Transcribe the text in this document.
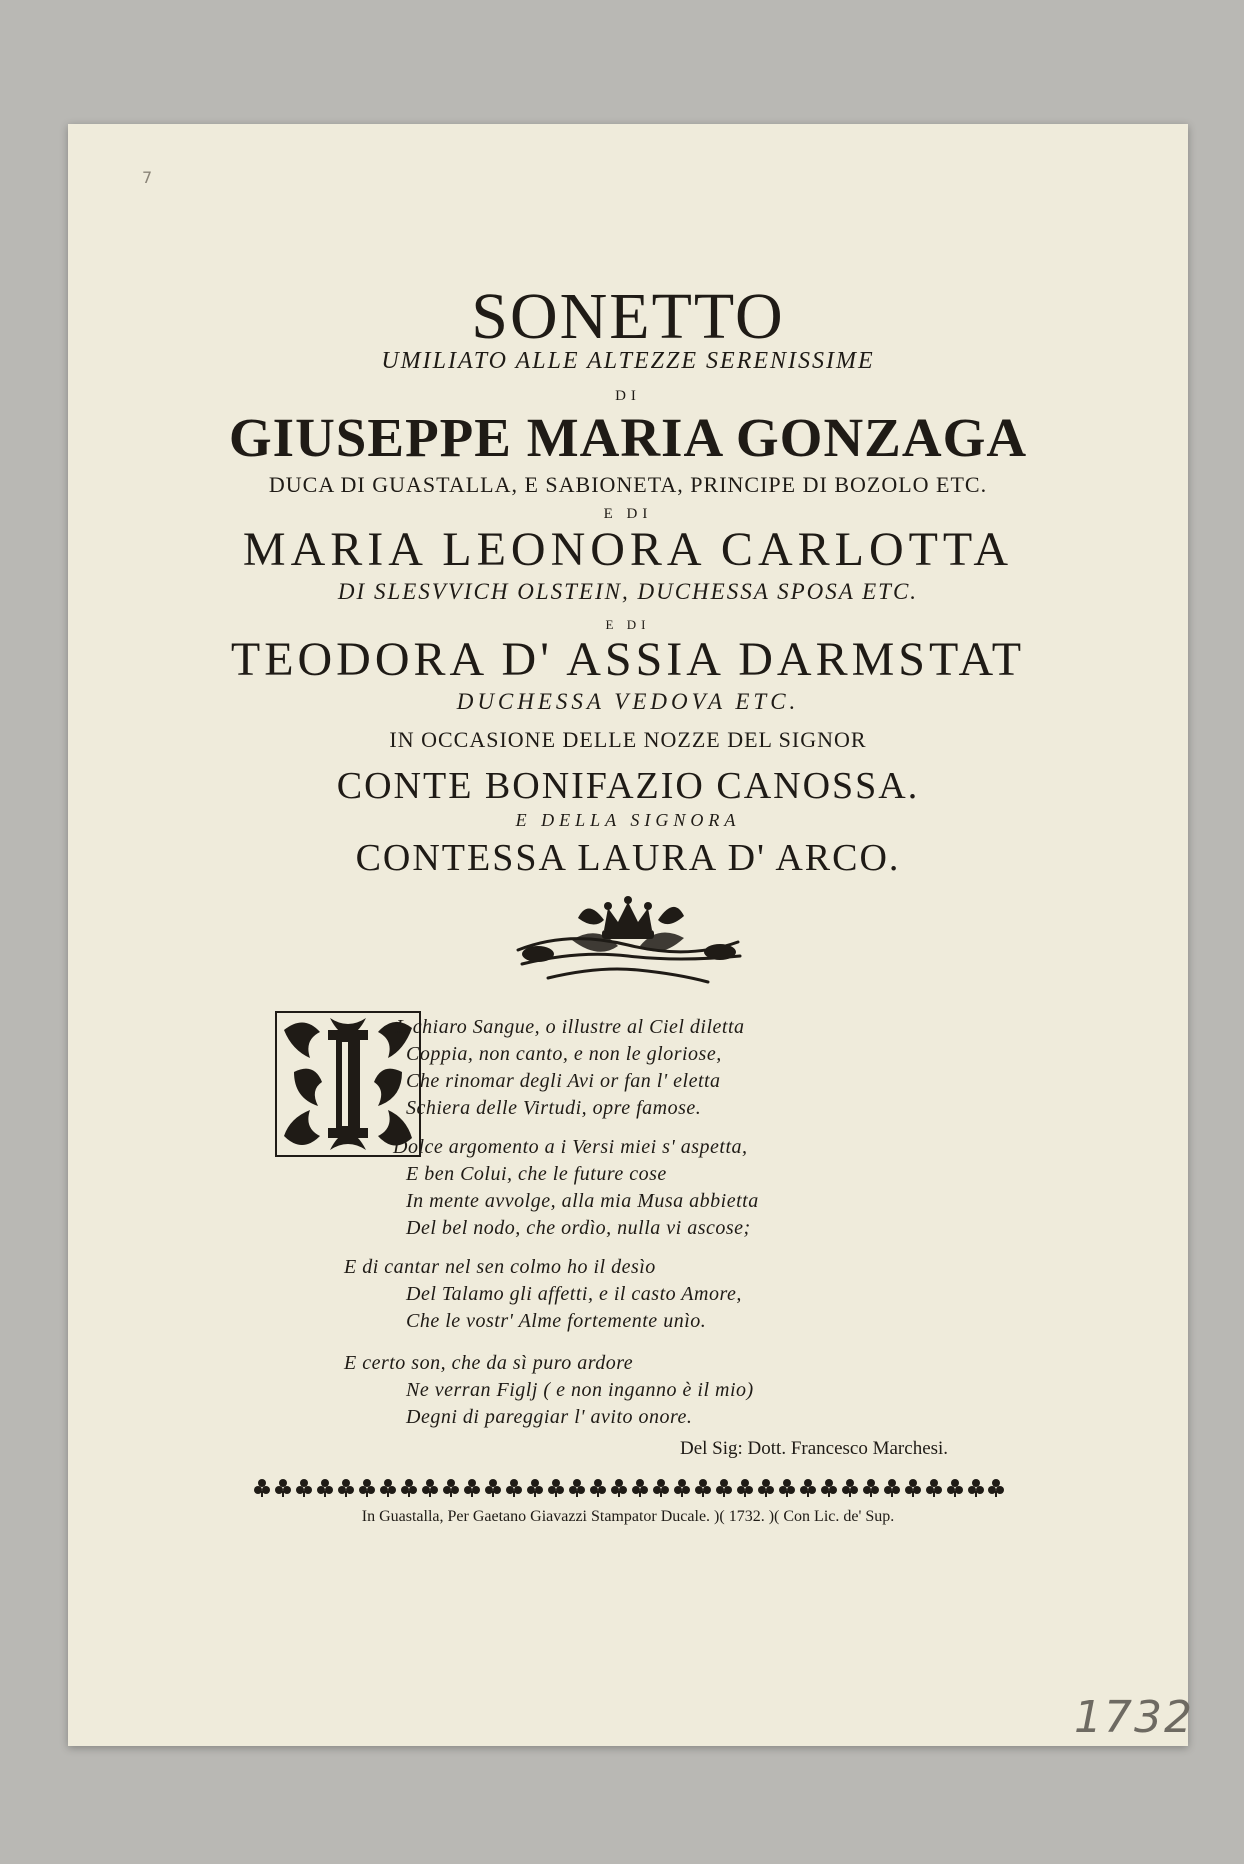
7
SONETTO
UMILIATO ALLE ALTEZZE SERENISSIME
DI
GIUSEPPE MARIA GONZAGA
DUCA DI GUASTALLA, E SABIONETA, PRINCIPE DI BOZOLO ETC.
E DI
MARIA LEONORA CARLOTTA
DI SLESVVICH OLSTEIN, DUCHESSA SPOSA ETC.
E DI
TEODORA D' ASSIA DARMSTAT
DUCHESSA VEDOVA ETC.
IN OCCASIONE DELLE NOZZE DEL SIGNOR
CONTE BONIFAZIO CANOSSA.
E DELLA SIGNORA
CONTESSA LAURA D' ARCO.
L chiaro Sangue, o illustre al Ciel diletta
Coppia, non canto, e non le gloriose,
Che rinomar degli Avi or fan l' eletta
Schiera delle Virtudi, opre famose.
Dolce argomento a i Versi miei s' aspetta,
E ben Colui, che le future cose
In mente avvolge, alla mia Musa abbietta
Del bel nodo, che ordìo, nulla vi ascose;
E di cantar nel sen colmo ho il desìo
Del Talamo gli affetti, e il casto Amore,
Che le vostr' Alme fortemente unìo.
E certo son, che da sì puro ardore
Ne verran Figlj ( e non inganno è il mio)
Degni di pareggiar l' avito onore.
Del Sig: Dott. Francesco Marchesi.
In Guastalla, Per Gaetano Giavazzi Stampator Ducale. )( 1732. )( Con Lic. de' Sup.
1732
